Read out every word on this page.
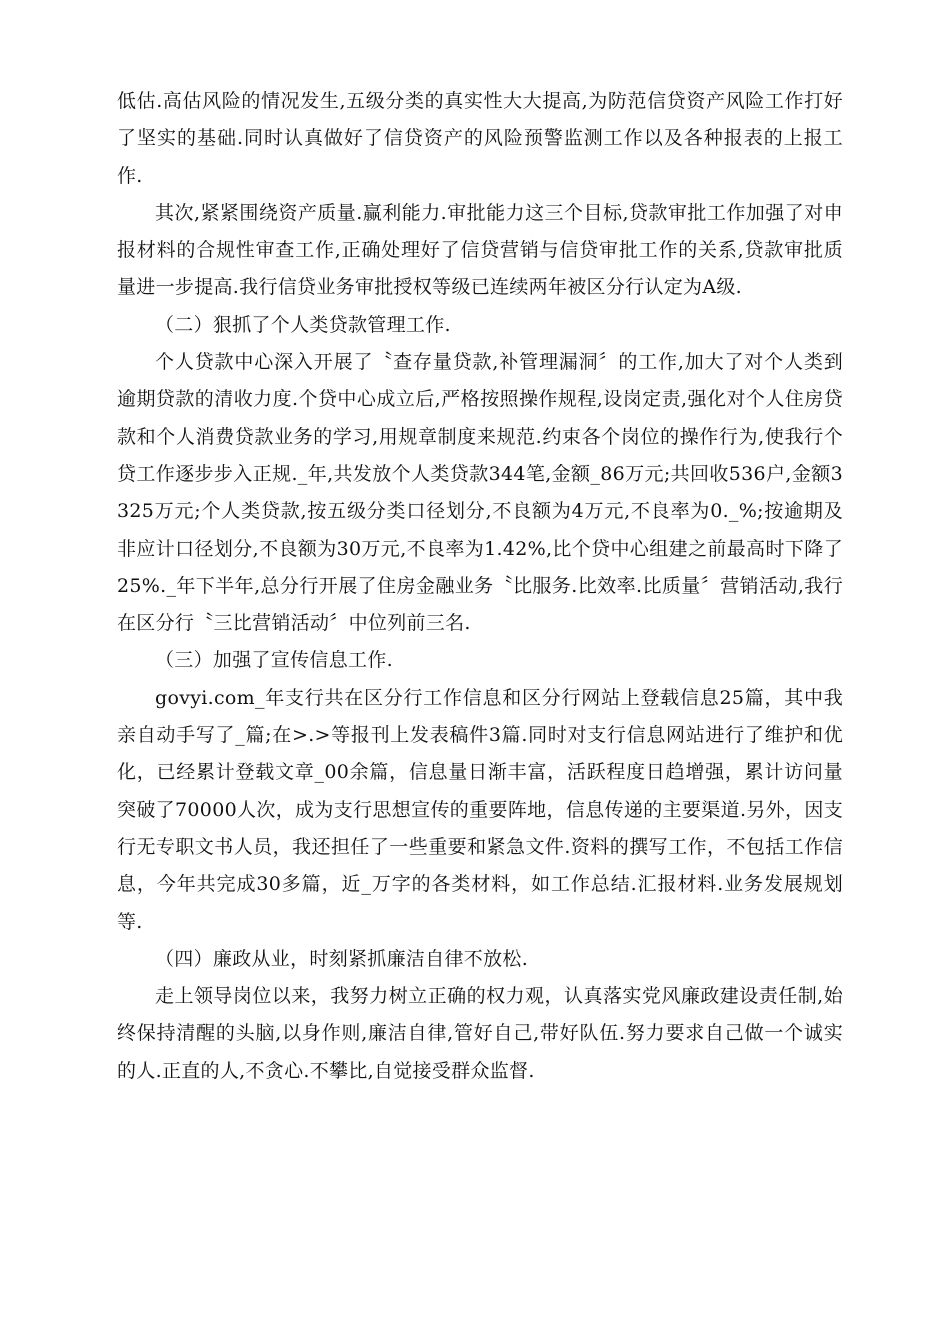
低估.高估风险的情况发生,五级分类的真实性大大提高,为防范信贷资产风险工作打好了坚实的基础.同时认真做好了信贷资产的风险预警监测工作以及各种报表的上报工作.

其次,紧紧围绕资产质量.赢利能力.审批能力这三个目标,贷款审批工作加强了对申报材料的合规性审查工作,正确处理好了信贷营销与信贷审批工作的关系,贷款审批质量进一步提高.我行信贷业务审批授权等级已连续两年被区分行认定为A级.

（二）狠抓了个人类贷款管理工作.

个人贷款中心深入开展了〝查存量贷款,补管理漏洞〞的工作,加大了对个人类到逾期贷款的清收力度.个贷中心成立后,严格按照操作规程,设岗定责,强化对个人住房贷款和个人消费贷款业务的学习,用规章制度来规范.约束各个岗位的操作行为,使我行个贷工作逐步步入正规._年,共发放个人类贷款344笔,金额_86万元;共回收536户,金额3325万元;个人类贷款,按五级分类口径划分,不良额为4万元,不良率为0._%;按逾期及非应计口径划分,不良额为30万元,不良率为1.42%,比个贷中心组建之前最高时下降了25%._年下半年,总分行开展了住房金融业务〝比服务.比效率.比质量〞营销活动,我行在区分行〝三比营销活动〞中位列前三名.

（三）加强了宣传信息工作.

govyi.com_年支行共在区分行工作信息和区分行网站上登载信息25篇，其中我亲自动手写了_篇;在>.>等报刊上发表稿件3篇.同时对支行信息网站进行了维护和优化，已经累计登载文章_00余篇，信息量日渐丰富，活跃程度日趋增强，累计访问量突破了70000人次，成为支行思想宣传的重要阵地，信息传递的主要渠道.另外，因支行无专职文书人员，我还担任了一些重要和紧急文件.资料的撰写工作，不包括工作信息，今年共完成30多篇，近_万字的各类材料，如工作总结.汇报材料.业务发展规划等.

（四）廉政从业，时刻紧抓廉洁自律不放松.

走上领导岗位以来，我努力树立正确的权力观，认真落实党风廉政建设责任制,始终保持清醒的头脑,以身作则,廉洁自律,管好自己,带好队伍.努力要求自己做一个诚实的人.正直的人,不贪心.不攀比,自觉接受群众监督.
